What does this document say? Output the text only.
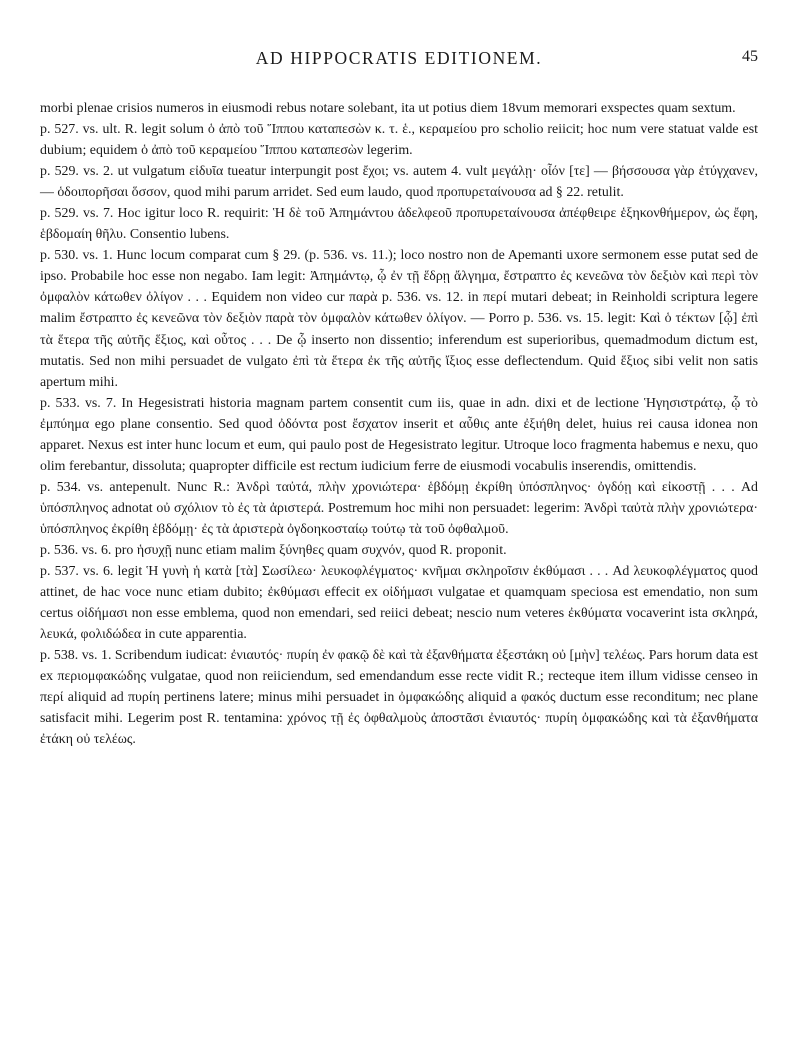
AD HIPPOCRATIS EDITIONEM.	45

morbi plenae crisios numeros in eiusmodi rebus notare solebant, ita ut potius diem 18vum memorari exspectes quam sextum.

p. 527. vs. ult. R. legit solum ὁ ἀπὸ τοῦ Ἵππου καταπεσὼν κ. τ. ἑ., κεραμείου pro scholio reiicit; hoc num vere statuat valde est dubium; equidem ὁ ἀπὸ τοῦ κεραμείου Ἵππου καταπεσὼν legerim.

p. 529. vs. 2. ut vulgatum εἰδυῖα tueatur interpungit post ἔχοι; vs. autem 4. vult μεγάλῃ· οἷόν [τε] — βήσσουσα γὰρ ἐτύγχανεν, — ὁδοιπορῆσαι ὅσσον, quod mihi parum arridet. Sed eum laudo, quod προπυρεταίνουσα ad § 22. retulit.

p. 529. vs. 7. Hoc igitur loco R. requirit: Ἡ δὲ τοῦ Ἀπημάντου ἀδελφεοῦ προπυρεταίνουσα ἀπέφθειρε ἑξηκονθήμερον, ὡς ἔφη, ἑβδομαίη θῆλυ. Consentio lubens.

p. 530. vs. 1. Hunc locum comparat cum § 29. (p. 536. vs. 11.); loco nostro non de Apemanti uxore sermonem esse putat sed de ipso. Probabile hoc esse non negabo. Iam legit: Ἀπημάντῳ, ᾧ ἐν τῇ ἕδρῃ ἄλγημα, ἔστραπτο ἐς κενεῶνα τὸν δεξιὸν καὶ περὶ τὸν ὀμφαλὸν κάτωθεν ὀλίγον . . . Equidem non video cur παρὰ p. 536. vs. 12. in περί mutari debeat; in Reinholdi scriptura legere malim ἔστραπτο ἐς κενεῶνα τὸν δεξιὸν παρὰ τὸν ὀμφαλὸν κάτωθεν ὀλίγον. — Porro p. 536. vs. 15. legit: Καὶ ὁ τέκτων [ᾧ] ἐπὶ τὰ ἕτερα τῆς αὐτῆς ἕξιος, καὶ οὗτος . . . De ᾧ inserto non dissentio; inferendum est superioribus, quemadmodum dictum est, mutatis. Sed non mihi persuadet de vulgato ἐπὶ τὰ ἕτερα ἐκ τῆς αὐτῆς ἴξιος esse deflectendum. Quid ἕξιος sibi velit non satis apertum mihi.

p. 533. vs. 7. In Hegesistrati historia magnam partem consentit cum iis, quae in adn. dixi et de lectione Ἡγησιστράτῳ, ᾧ τὸ ἐμπύημα ego plane consentio. Sed quod ὀδόντα post ἔσχατον inserit et αὖθις ante ἐξιήθη delet, huius rei causa idonea non apparet. Nexus est inter hunc locum et eum, qui paulo post de Hegesistrato legitur. Utroque loco fragmenta habemus e nexu, quo olim ferebantur, dissoluta; quapropter difficile est rectum iudicium ferre de eiusmodi vocabulis inserendis, omittendis.

p. 534. vs. antepenult. Nunc R.: Ἀνδρὶ ταὐτά, πλὴν χρονιώτερα· ἑβδόμῃ ἐκρίθη ὑπόσπληνος· ὀγδόῃ καὶ εἰκοστῇ . . . Ad ὑπόσπληνος adnotat οὐ σχόλιον τὸ ἐς τὰ ἀριστερά. Postremum hoc mihi non persuadet: legerim: Ἀνδρὶ ταὐτὰ πλὴν χρονιώτερα· ὑπόσπληνος ἐκρίθη ἑβδόμῃ· ἐς τὰ ἀριστερὰ ὀγδοηκοσταίῳ τούτῳ τὰ τοῦ ὀφθαλμοῦ.

p. 536. vs. 6. pro ἡσυχῇ nunc etiam malim ξύνηθες quam συχνόν, quod R. proponit.

p. 537. vs. 6. legit Ἡ γυνὴ ἡ κατὰ [τὰ] Σωσίλεω· λευκοφλέγματος· κνῆμαι σκληροῖσιν ἐκθύμασι . . . Ad λευκοφλέγματος quod attinet, de hac voce nunc etiam dubito; ἐκθύμασι effecit ex οἰδήμασι vulgatae et quamquam speciosa est emendatio, non sum certus οἰδήμασι non esse emblema, quod non emendari, sed reiici debeat; nescio num veteres ἐκθύματα vocaverint ista σκληρά, λευκά, φολιδώδεα in cute apparentia.

p. 538. vs. 1. Scribendum iudicat: ἐνιαυτός· πυρίη ἐν φακῷ δὲ καὶ τὰ ἐξανθήματα ἐξεστάκη οὐ [μὴν] τελέως. Pars horum data est ex περιομφακώδης vulgatae, quod non reiiciendum, sed emendandum esse recte vidit R.; recteque item illum vidisse censeo in περί aliquid ad πυρίη pertinens latere; minus mihi persuadet in ὀμφακώδης aliquid a φακός ductum esse reconditum; nec plane satisfacit mihi. Legerim post R. tentamina: χρόνος τῇ ἐς ὀφθαλμοὺς ἀποστᾶσι ἐνιαυτός· πυρίη ὀμφακώδης καὶ τὰ ἐξανθήματα ἐτάκη οὐ τελέως.
